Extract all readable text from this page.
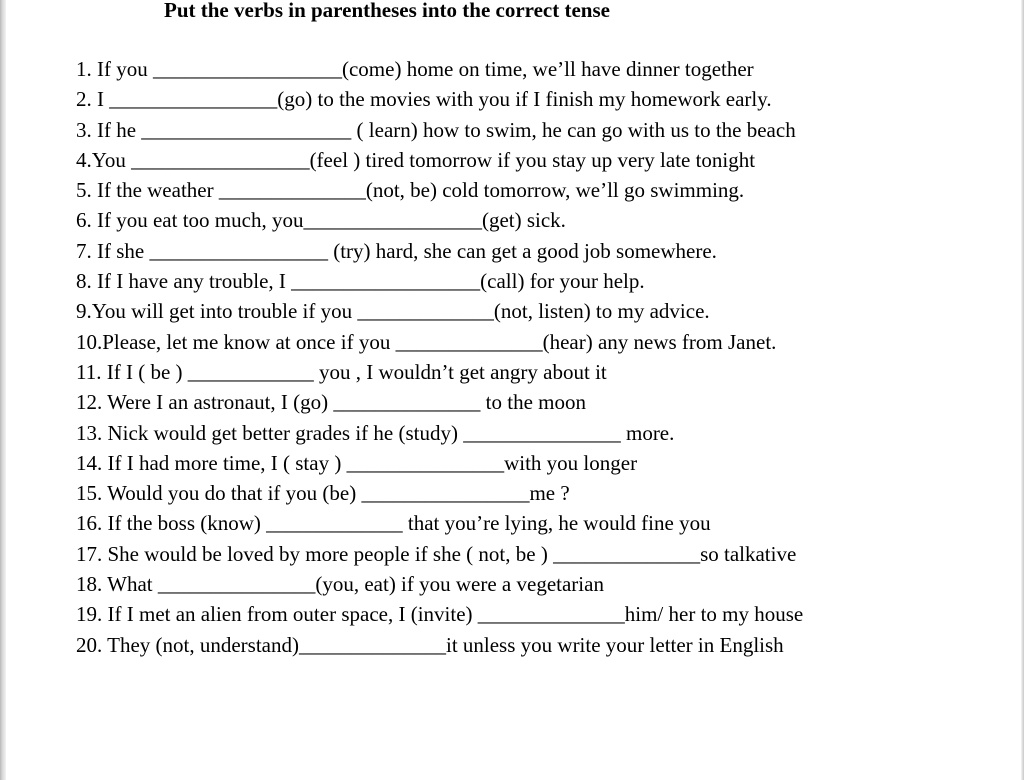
Put the verbs in parentheses into the correct tense
1. If you __________________(come) home on time, we’ll have dinner together
2. I ________________(go) to the movies with you if I finish my homework early.
3. If he ____________________ ( learn) how to swim, he can go with us to the beach
4.You _________________(feel ) tired tomorrow if you stay up very late tonight
5. If the weather ______________(not, be) cold tomorrow, we’ll go swimming.
6. If you eat too much, you_________________(get) sick.
7. If she _________________ (try) hard, she can get a good job somewhere.
8. If I have any trouble, I __________________(call) for your help.
9.You will get into trouble if you _____________(not, listen) to my advice.
10.Please, let me know at once if you ______________(hear) any news from Janet.
11. If I ( be ) ____________ you , I wouldn’t get angry about it
12. Were I an astronaut, I (go) ______________ to the moon
13. Nick would get better grades if he (study) _______________ more.
14. If I had more time, I ( stay ) _______________with you longer
15. Would you do that if you (be) ________________me ?
16. If the boss (know) _____________ that you’re lying, he would fine you
17. She would be loved by more people if she ( not, be ) ______________so talkative
18. What _______________(you, eat) if you were a vegetarian
19. If I met an alien from outer space, I (invite) ______________him/ her to my house
20. They (not, understand)______________it unless you write your letter in English
